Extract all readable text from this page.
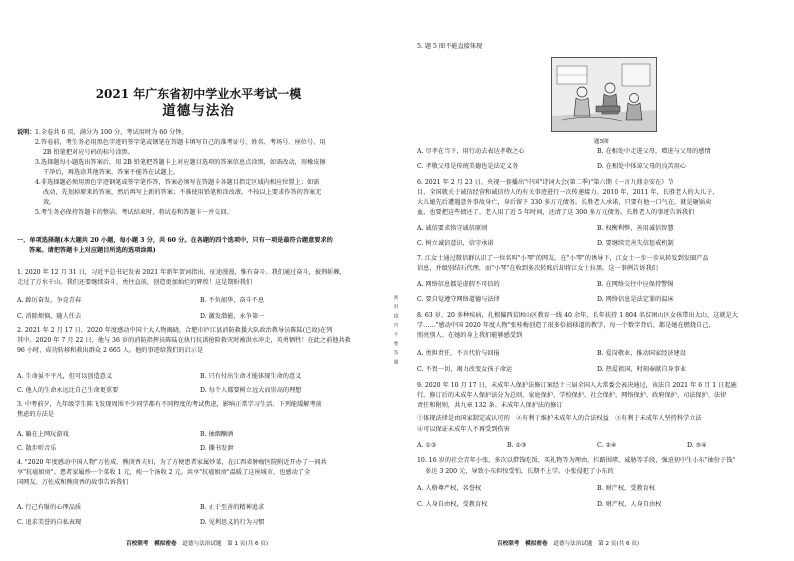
2021 年广东省初中学业水平考试一模
道德与法治
说明： 1.全卷共 6 页，满分为 100 分，考试用时为 60 分钟。
2.答卷前，考生务必用黑色字迹的签字笔或钢笔在答题卡填写自己的准考证号、姓名、考场号、座位号。用
2B 铅笔把对应号码的标号涂黑。
3.选择题每小题选出答案后，用 2B 铅笔把答题卡上对应题目选项的答案信息点涂黑，如需改动，用橡皮擦
干净后，再选涂其他答案，答案不能答在试题上。
4.非选择题必须用黑色字迹钢笔或签字笔作答，答案必须写在答题卡各题目指定区域内相应位置上；如需
改动，先划掉原来的答案，然后再写上新的答案；不准使用铅笔和涂改液。不按以上要求作答的答案无
效。
5.考生务必保持答题卡的整洁。考试结束时，将试卷和答题卡一并交回。
一、单项选择题(本大题共 20 小题，每小题 3 分，共 60 分。在各题的四个选项中，只有一项是最符合题意要求的
答案。请把答题卡上对应题目所选的选项涂黑)
1. 2020 年 12 月 31 日，习近平总书记发表 2021 年新年贺词指出，征途漫漫，惟有奋斗。我们通过奋斗，披荆斩棘，
走过了万水千山。我们还要继续奋斗，勇往直前，创造更加灿烂的辉煌！这是期盼我们
A. 踔厉奋发，争竞青春	B. 不负韶华，奋斗不息
C. 消除烦恼，随人任去	D. 激发潜能，永争第一
2. 2021 年 2 月 17 日，2020 年度感动中国十大人物揭晓，合肥市庐江县消防救援大队政治教导员陈陆(已故)在列
其中。2020 年 7 月 22 日，他与 36 岁的消防指挥员陈陆在执行抗洪抢险救灾时被洪水冲走，英勇牺牲！在此之前他共救
96 小时，成功转移和救出群众 2 665 人。他的事迹给我们的启示是
A. 生命虽不平凡，但可以创造意义	B. 只有付出生命才能体现生命的意义
C. 他人的生命永远比自己生命更重要	D. 每个人都要树立远大而崇高的理想
3. 中考前夕，九年级学生陈飞发现周围不少同学都有不同程度的考试焦虑，影响正常学习生活。下列能缓解考前
焦虑的方法是
A. 躺在上网玩游戏	B. 抽烟酗酒
C. 散步听音乐	D. 撕书发泄
4. "2020 年度感动中国人物"万佐成、熊庚香夫妇，为了方便患者家属炒菜，在江西省肿瘤医院附近开办了一间共
享"抗癌厨房"。患者家属炒一个菜收 1 元，炖一个汤收 2 元。共享"抗癌厨房"温暖了这座城市，也感动了全
国网友。万佐成和熊庚香的故事告诉我们
A. 行己有耻的心理品质	B. 止于至善的精神追求
C. 追求美誉的自私表现	D. 见利思义的行为习惯
百校联考 模拟密卷 道德与法治试题　第 1 页(共 6 页)
密　封　线　内　不　要　答　题
5. 题 5 图不能直接体现
题5图
A. 尽孝在当下，用行动去表达孝敬之心	B. 在相处中走进父母，增进与父母的感情
C. 孝敬父母是传统美德也是法定义务	D. 在相处中体谅父母的良苦用心
6. 2021 年 2 月 23 日，央视一套播出"中国"诗词大会(第二季)"第六期《一言九鼎金安在》节
目，全国就关于诚信经营和诚信待人的有关事迹进行一次传递接力。2010 年，2011 年，长胜老人的大儿子、
大儿媳先后遭遇意外事故身亡，身后留下 330 多万元债务。长胜老人承诺，只要有他一口气在，就是砸锅卖
血，也要把这些债还了。老人用了近 5 年时间，还清了这 300 多万元债务。长胜老人的事迹告诉我们
A. 诚信要求恪守诚信原则	B. 权衡利弊，善用诚信智慧
C. 树立诚信意识，信守承诺	D. 要继续完善失信惩戒机制
7. 江女士通过微信群认识了一位名叫"小琴"的网友。在"小琴"的诱导下，江女士一步一步从转发到发圈产品
信息，并级别结石代理，而"小琴"在收到多次转账后却将江女士拉黑。这一事例告诉我们
A. 网络信息都是虚假不可信的	B. 在网络交往中应保持警惕
C. 要自觉遵守网络道德与法律	D. 网络信息是法定罪的温床
8. 63 岁、20 多种疾病，扎根偏西贫困山区教育一线 40 余年，长年扶持 1 804 名贫困山区女孩带出大山，这就是大
学……"感动中国 2020 年度人物"张桂梅创造了很多倍损移道的教学，每一个数字背后，都是她在燃烧自己，
照亮别人。在她的身上我们能够感受到
A. 勇担责任，不言代价与回报	B. 爱岗敬业，推动国家经济建设
C. 不畏一切，竭力改变女孩子命运	D. 热爱祖国，时刻奉献自身事业
9. 2020 年 10 月 17 日，未成年人保护法修订案经十三届全国人大常委会表决通过，该法自 2021 年 6 月 1 日起施
行。修订后的未成年人保护法分为总则、家庭保护、学校保护、社会保护、网络保护、政府保护、司法保护、法律
责任和附则，共九章 132 条。未成年人保护法的修订
①体现法律是由国家制定或认可的　②有利于维护未成年人的合法权益　③有利于未成年人坚持科学立法
④可以保证未成年人不再受到伤害
A. ①②	B. ①③	C. ②④	D. ③④
10. 16 岁的社会青年小张，多次以借钱吃饭、买礼物等为理由，拦路围堵，威胁等手段，强迫初中生小东"抽份子钱"
多达 3 200 元，导致小东担惊受怕，长期不上学。小张侵犯了小东的
A. 人格尊严权，名誉权	B. 财产权，受教育权
C. 人身自由权，受教育权	D. 财产权，人身自由权
百校联考 模拟密卷 道德与法治试题　第 2 页(共 6 页)
